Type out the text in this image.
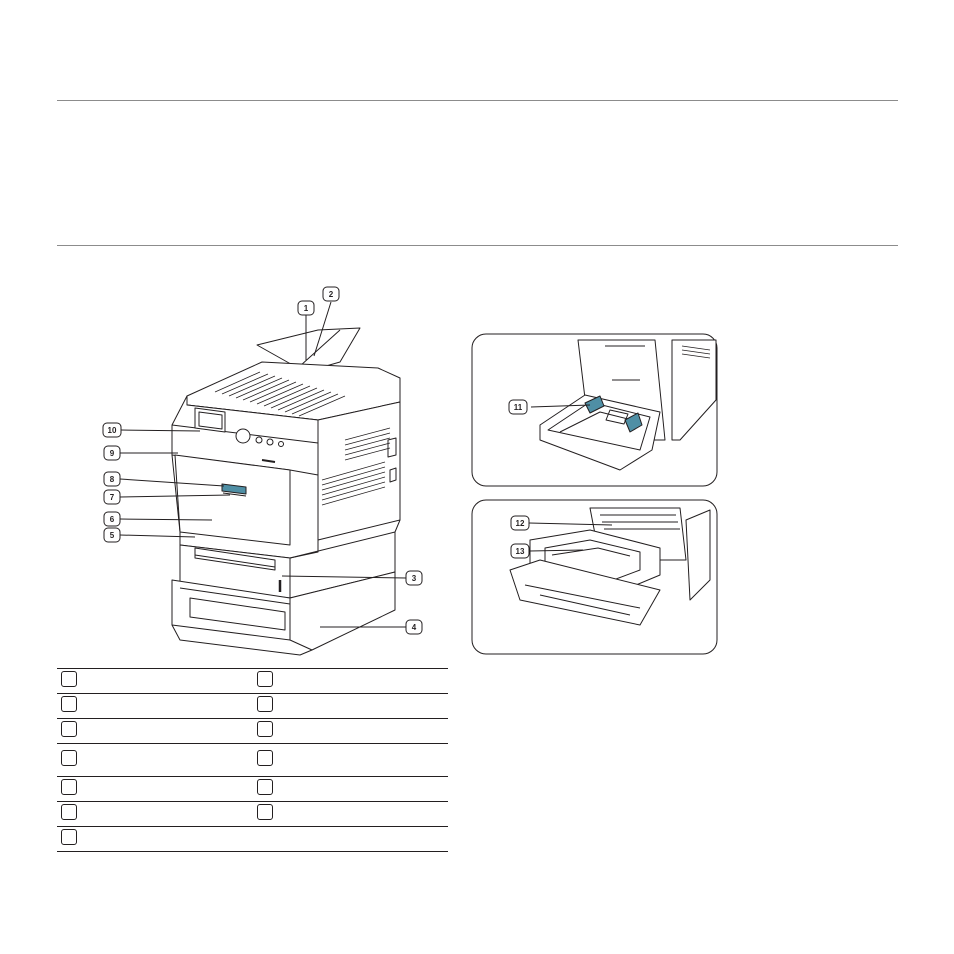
1
2
3
4
5
6
7
8
9
10
11
12
13
